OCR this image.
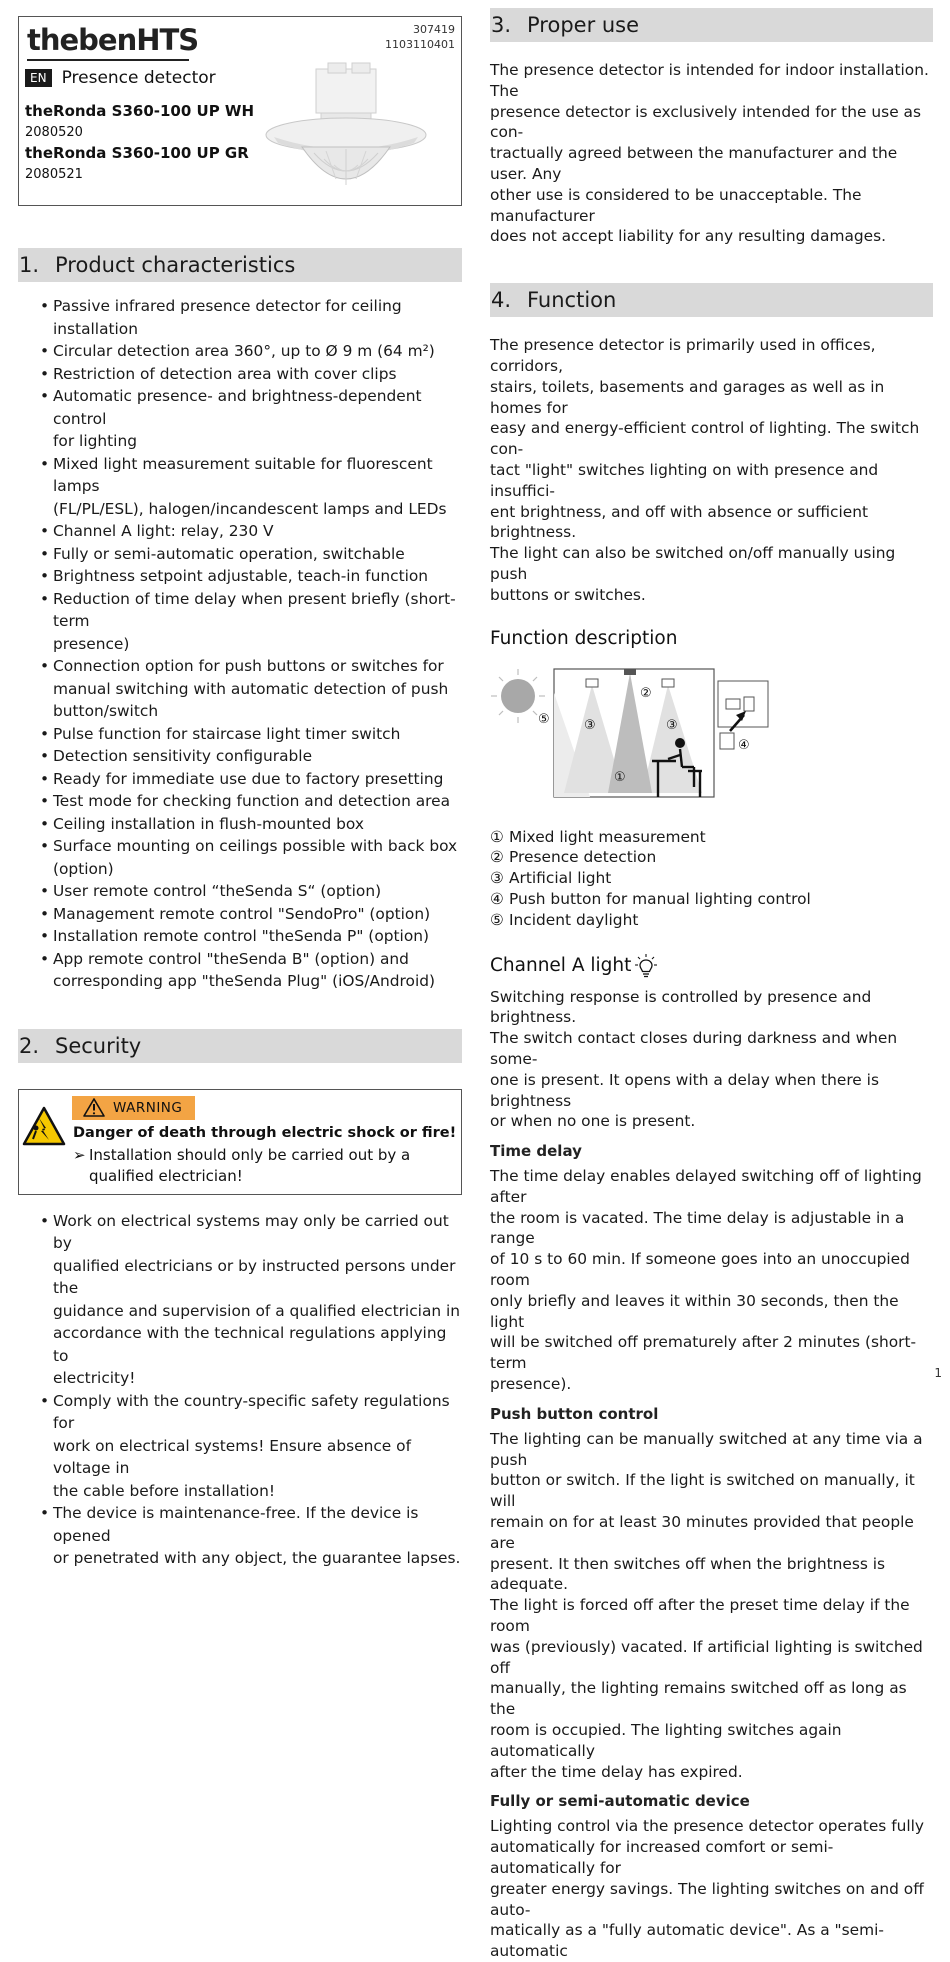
thebenHTS	307419
1103110401
EN Presence detector
theRonda S360-100 UP WH
2080520
theRonda S360-100 UP GR
2080521
1. Product characteristics
• Passive infrared presence detector for ceiling installation
• Circular detection area 360°, up to Ø 9 m (64 m²)
• Restriction of detection area with cover clips
• Automatic presence- and brightness-dependent control
for lighting
• Mixed light measurement suitable for fluorescent lamps
(FL/PL/ESL), halogen/incandescent lamps and LEDs
• Channel A light: relay, 230 V
• Fully or semi-automatic operation, switchable
• Brightness setpoint adjustable, teach-in function
• Reduction of time delay when present briefly (short-term
presence)
• Connection option for push buttons or switches for
manual switching with automatic detection of push
button/switch
• Pulse function for staircase light timer switch
• Detection sensitivity configurable
• Ready for immediate use due to factory presetting
• Test mode for checking function and detection area
• Ceiling installation in flush-mounted box
• Surface mounting on ceilings possible with back box
(option)
• User remote control “theSenda S“ (option)
• Management remote control "SendoPro" (option)
• Installation remote control "theSenda P" (option)
• App remote control "theSenda B" (option) and
corresponding app "theSenda Plug" (iOS/Android)
2. Security
WARNING
Danger of death through electric shock or fire!
➢ Installation should only be carried out by a
qualified electrician!
• Work on electrical systems may only be carried out by
qualified electricians or by instructed persons under the
guidance and supervision of a qualified electrician in
accordance with the technical regulations applying to
electricity!
• Comply with the country-specific safety regulations for
work on electrical systems! Ensure absence of voltage in
the cable before installation!
• The device is maintenance-free. If the device is opened
or penetrated with any object, the guarantee lapses.
3. Proper use
The presence detector is intended for indoor installation. The
presence detector is exclusively intended for the use as con-
tractually agreed between the manufacturer and the user. Any
other use is considered to be unacceptable. The manufacturer
does not accept liability for any resulting damages.
4. Function
The presence detector is primarily used in offices, corridors,
stairs, toilets, basements and garages as well as in homes for
easy and energy-efficient control of lighting. The switch con-
tact "light" switches lighting on with presence and insuffici-
ent brightness, and off with absence or sufficient brightness.
The light can also be switched on/off manually using push
buttons or switches.
Function description
①
②
③	③
④
⑤
① Mixed light measurement
② Presence detection
③ Artificial light
④ Push button for manual lighting control
⑤ Incident daylight
Channel A light
Switching response is controlled by presence and brightness.
The switch contact closes during darkness and when some-
one is present. It opens with a delay when there is brightness
or when no one is present.
Time delay
The time delay enables delayed switching off of lighting after
the room is vacated. The time delay is adjustable in a range
of 10 s to 60 min. If someone goes into an unoccupied room
only briefly and leaves it within 30 seconds, then the light
will be switched off prematurely after 2 minutes (short-term
presence).
Push button control
The lighting can be manually switched at any time via a push
button or switch. If the light is switched on manually, it will
remain on for at least 30 minutes provided that people are
present. It then switches off when the brightness is adequate.
The light is forced off after the preset time delay if the room
was (previously) vacated. If artificial lighting is switched off
manually, the lighting remains switched off as long as the
room is occupied. The lighting switches again automatically
after the time delay has expired.
Fully or semi-automatic device
Lighting control via the presence detector operates fully
automatically for increased comfort or semi-automatically for
greater energy savings. The lighting switches on and off auto-
matically as a "fully automatic device". As a "semi-automatic
1
